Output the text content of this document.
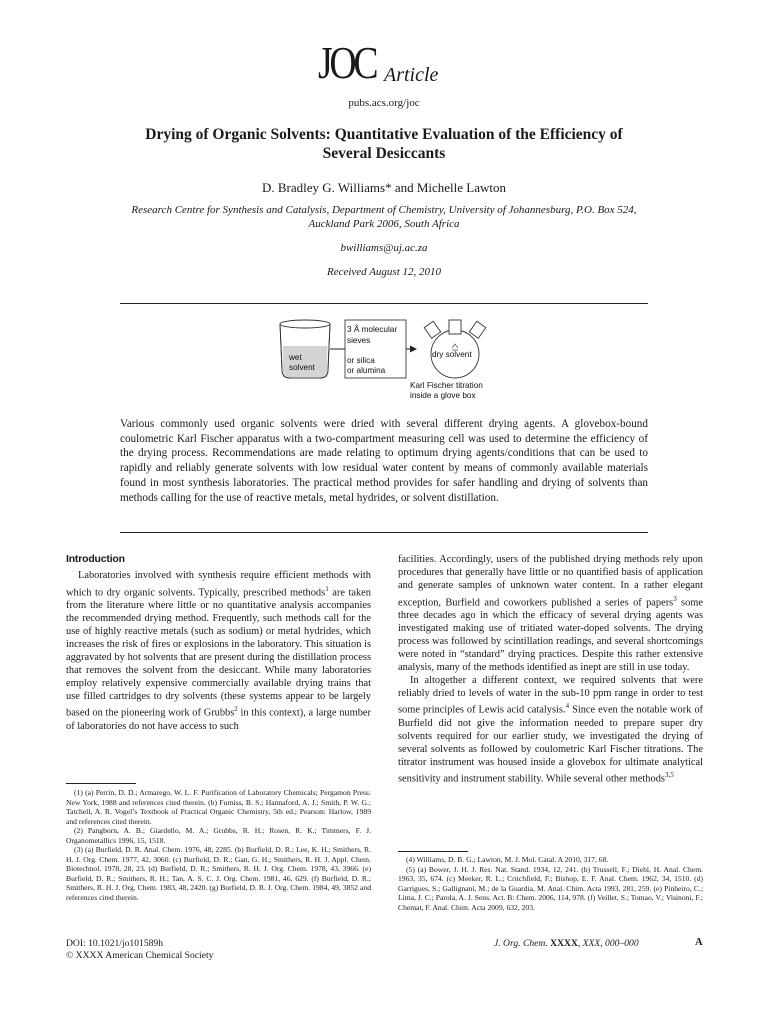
JOC Article
pubs.acs.org/joc
Drying of Organic Solvents: Quantitative Evaluation of the Efficiency of Several Desiccants
D. Bradley G. Williams* and Michelle Lawton
Research Centre for Synthesis and Catalysis, Department of Chemistry, University of Johannesburg, P.O. Box 524, Auckland Park 2006, South Africa
bwilliams@uj.ac.za
Received August 12, 2010
wet
solvent
3 Å molecular
sieves
or silica
or alumina
dry solvent
Karl Fischer titration
inside a glove box
Various commonly used organic solvents were dried with several different drying agents. A glovebox-bound coulometric Karl Fischer apparatus with a two-compartment measuring cell was used to determine the efficiency of the drying process. Recommendations are made relating to optimum drying agents/conditions that can be used to rapidly and reliably generate solvents with low residual water content by means of commonly available materials found in most synthesis laboratories. The practical method provides for safer handling and drying of solvents than methods calling for the use of reactive metals, metal hydrides, or solvent distillation.
Introduction

Laboratories involved with synthesis require efficient methods with which to dry organic solvents. Typically, prescribed methods$^1$ are taken from the literature where little or no quantitative analysis accompanies the recommended drying method. Frequently, such methods call for the use of highly reactive metals (such as sodium) or metal hydrides, which increases the risk of fires or explosions in the laboratory. This situation is aggravated by hot solvents that are present during the distillation process that removes the solvent from the desiccant. While many laboratories employ relatively expensive commercially available drying trains that use filled cartridges to dry solvents (these systems appear to be largely based on the pioneering work of Grubbs$^2$ in this context), a large number of laboratories do not have access to such

(1) (a) Perrin, D. D.; Armarego, W. L. F. Purification of Laboratory Chemicals; Pergamon Press: New York, 1988 and references cited therein. (b) Furniss, B. S.; Hannaford, A. J.; Smith, P. W. G.; Tatchell, A. R. Vogel’s Textbook of Practical Organic Chemistry, 5th ed.; Pearson: Harlow, 1989 and references cited therein.

(2) Pangborn, A. B.; Giardello, M. A.; Grubbs, R. H.; Rosen, R. K.; Timmers, F. J. Organometallics 1996, 15, 1518.

(3) (a) Burfield, D. R. Anal. Chem. 1976, 48, 2285. (b) Burfield, D. R.; Lee, K. H.; Smithers, R. H. J. Org. Chem. 1977, 42, 3060. (c) Burfield, D. R.; Gan, G. H.; Smithers, R. H. J. Appl. Chem. Biotechnol. 1978, 28, 23. (d) Burfield, D. R.; Smithers, R. H. J. Org. Chem. 1978, 43, 3966. (e) Burfield, D. R.; Smithers, R. H.; Tan, A. S. C. J. Org. Chem. 1981, 46, 629. (f) Burfield, D. R.; Smithers, R. H. J. Org. Chem. 1983, 48, 2420. (g) Burfield, D. R. J. Org. Chem. 1984, 49, 3852 and references cited therein.

facilities. Accordingly, users of the published drying methods rely upon procedures that generally have little or no quantified basis of application and generate samples of unknown water content. In a rather elegant exception, Burfield and coworkers published a series of papers$^3$ some three decades ago in which the efficacy of several drying agents was investigated making use of tritiated water-doped solvents. The drying process was followed by scintillation readings, and several shortcomings were noted in “standard” drying practices. Despite this rather extensive analysis, many of the methods identified as inept are still in use today.

In altogether a different context, we required solvents that were reliably dried to levels of water in the sub-10 ppm range in order to test some principles of Lewis acid catalysis.$^4$ Since even the notable work of Burfield did not give the information needed to prepare super dry solvents required for our earlier study, we investigated the drying of several solvents as followed by coulometric Karl Fischer titrations. The titrator instrument was housed inside a glovebox for ultimate analytical sensitivity and instrument stability. While several other methods$^{3,5}$

(4) Williams, D. B. G.; Lawton, M. J. Mol. Catal. A 2010, 317, 68.

(5) (a) Bower, J. H. J. Res. Nat. Stand. 1934, 12, 241. (b) Trussell, F.; Diehl, H. Anal. Chem. 1963, 35, 674. (c) Meeker, R. L.; Critchfield, F.; Bishop, E. F. Anal. Chem. 1962, 34, 1510. (d) Garrigues, S.; Gallignani, M.; de la Guardia, M. Anal. Chim. Acta 1993, 281, 259. (e) Pinheiro, C.; Lima, J. C.; Parola, A. J. Sens. Act. B: Chem. 2006, 114, 978. (f) Veillet, S.; Tomao, V.; Visinoni, F.; Chemat, F. Anal. Chim. Acta 2009, 632, 203.

DOI: 10.1021/jo101589h
© XXXX American Chemical Society
J. Org. Chem. XXXX, XXX, 000–000	A
